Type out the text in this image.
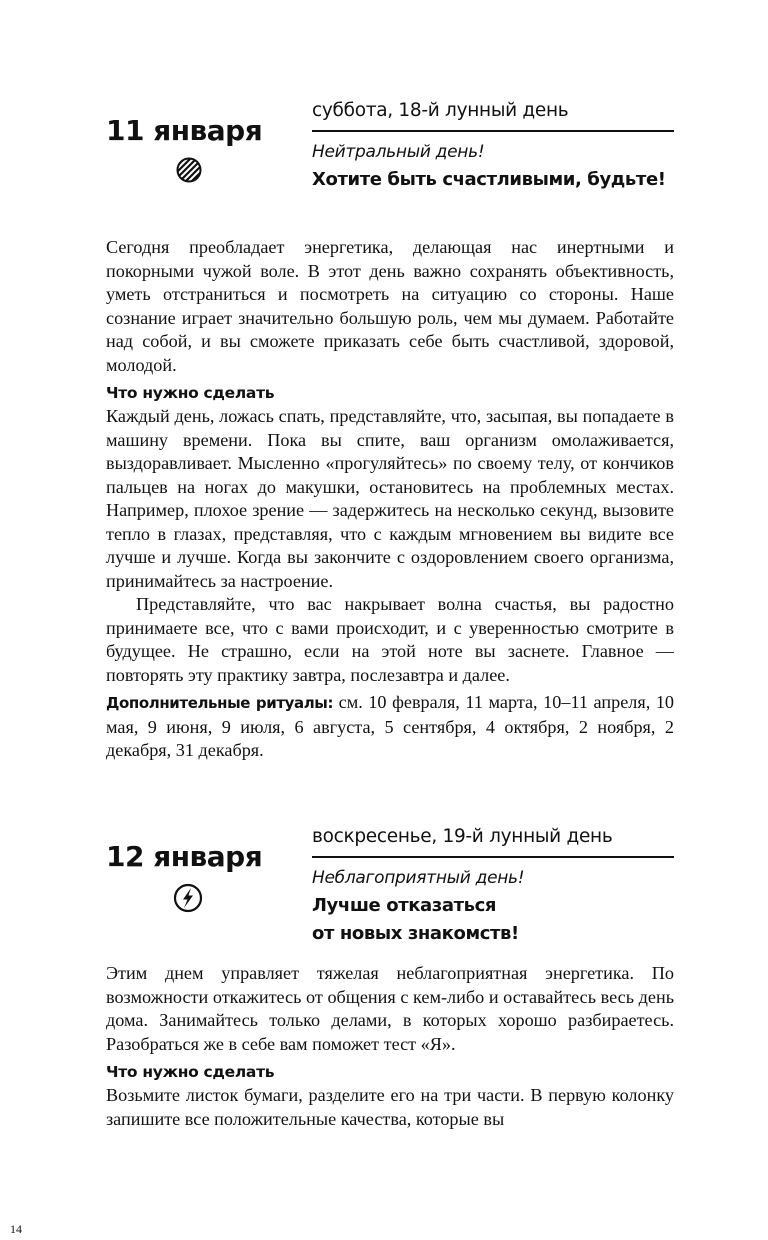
11 января
суббота, 18-й лунный день
Нейтральный день!
Хотите быть счастливыми, будьте!

Сегодня преобладает энергетика, делающая нас инертными и покорными чужой воле. В этот день важно сохранять объективность, уметь отстраниться и посмотреть на ситуацию со стороны. Наше сознание играет значительно большую роль, чем мы думаем. Работайте над собой, и вы сможете приказать себе быть счастливой, здоровой, молодой.

Что нужно сделать

Каждый день, ложась спать, представляйте, что, засыпая, вы попадаете в машину времени. Пока вы спите, ваш организм омолаживается, выздоравливает. Мысленно «прогуляйтесь» по своему телу, от кончиков пальцев на ногах до макушки, остановитесь на проблемных местах. Например, плохое зрение — задержитесь на несколько секунд, вызовите тепло в глазах, представляя, что с каждым мгновением вы видите все лучше и лучше. Когда вы закончите с оздоровлением своего организма, принимайтесь за настроение.

Представляйте, что вас накрывает волна счастья, вы радостно принимаете все, что с вами происходит, и с уверенностью смотрите в будущее. Не страшно, если на этой ноте вы заснете. Главное — повторять эту практику завтра, послезавтра и далее.

Дополнительные ритуалы: см. 10 февраля, 11 марта, 10–11 апреля, 10 мая, 9 июня, 9 июля, 6 августа, 5 сентября, 4 октября, 2 ноября, 2 декабря, 31 декабря.

12 января
воскресенье, 19-й лунный день
Неблагоприятный день!
Лучше отказаться
от новых знакомств!

Этим днем управляет тяжелая неблагоприятная энергетика. По возможности откажитесь от общения с кем-либо и оставайтесь весь день дома. Занимайтесь только делами, в которых хорошо разбираетесь. Разобраться же в себе вам поможет тест «Я».

Что нужно сделать

Возьмите листок бумаги, разделите его на три части. В первую колонку запишите все положительные качества, которые вы

14
